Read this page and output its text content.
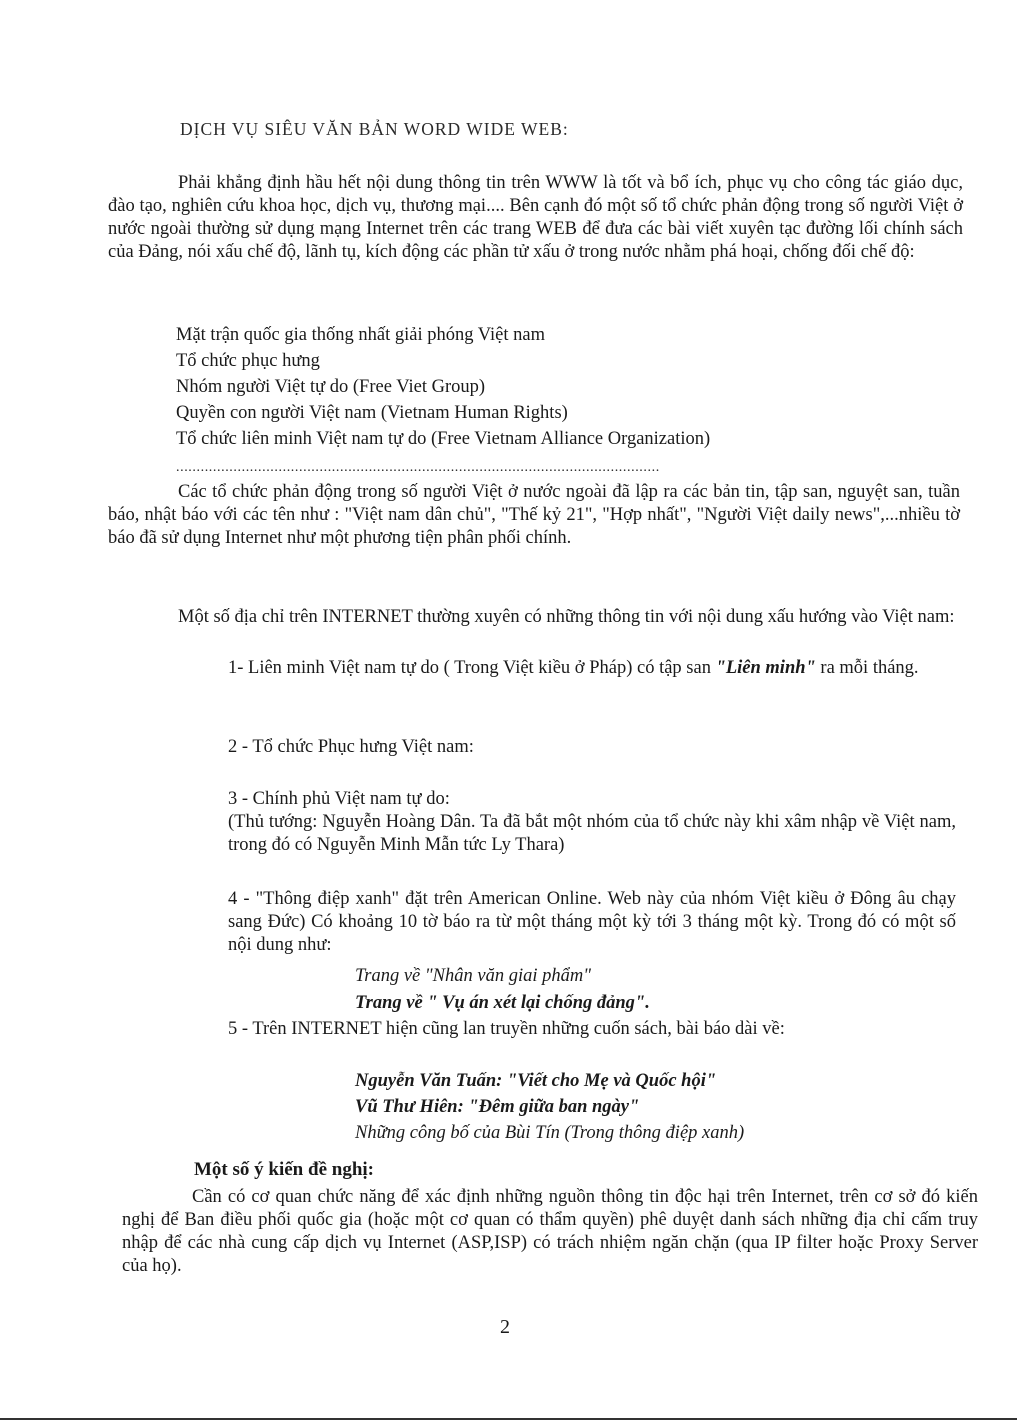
DỊCH VỤ SIÊU VĂN BẢN WORD WIDE WEB:
Phải khẳng định hầu hết nội dung thông tin trên WWW là tốt và bổ ích, phục vụ cho công tác giáo dục, đào tạo, nghiên cứu khoa học, dịch vụ, thương mại.... Bên cạnh đó một số tổ chức phản động trong số người Việt ở nước ngoài thường sử dụng mạng Internet trên các trang WEB để đưa các bài viết xuyên tạc đường lối chính sách của Đảng, nói xấu chế độ, lãnh tụ, kích động các phần tử xấu ở trong nước nhằm phá hoại, chống đối chế độ:
Mặt trận quốc gia thống nhất giải phóng Việt nam
Tổ chức phục hưng
Nhóm người Việt tự do (Free Viet Group)
Quyền con người Việt nam (Vietnam Human Rights)
Tổ chức liên minh Việt nam tự do (Free Vietnam Alliance Organization)
......................................................................................................................
Các tổ chức phản động trong số người Việt ở nước ngoài đã lập ra các bản tin, tập san, nguyệt san, tuần báo, nhật báo với các tên như : "Việt nam dân chủ", "Thế kỷ 21", "Hợp nhất", "Người Việt daily news",...nhiều tờ báo đã sử dụng Internet như một phương tiện phân phối chính.
Một số địa chỉ trên INTERNET thường xuyên có những thông tin với nội dung xấu hướng vào Việt nam:
1- Liên minh Việt nam tự do ( Trong Việt kiều ở Pháp) có tập san "Liên minh" ra mỗi tháng.
2 - Tổ chức Phục hưng Việt nam:
3 - Chính phủ Việt nam tự do:
(Thủ tướng: Nguyễn Hoàng Dân. Ta đã bắt một nhóm của tổ chức này khi xâm nhập về Việt nam, trong đó có Nguyễn Minh Mẫn tức Ly Thara)
4 - "Thông điệp xanh" đặt trên American Online. Web này của nhóm Việt kiều ở Đông âu chạy sang Đức) Có khoảng 10 tờ báo ra từ một tháng một kỳ tới 3 tháng một kỳ. Trong đó có một số nội dung như:
Trang về "Nhân văn giai phẩm"
Trang về " Vụ án xét lại chống đảng".
5 - Trên INTERNET hiện cũng lan truyền những cuốn sách, bài báo dài về:
Nguyễn Văn Tuấn: "Viết cho Mẹ và Quốc hội"
Vũ Thư Hiên: "Đêm giữa ban ngày"
Những công bố của Bùi Tín (Trong thông điệp xanh)
Một số ý kiến đề nghị:
Cần có cơ quan chức năng để xác định những nguồn thông tin độc hại trên Internet, trên cơ sở đó kiến nghị để Ban điều phối quốc gia (hoặc một cơ quan có thẩm quyền) phê duyệt danh sách những địa chỉ cấm truy nhập để các nhà cung cấp dịch vụ Internet (ASP,ISP) có trách nhiệm ngăn chặn (qua IP filter hoặc Proxy Server của họ).
2
